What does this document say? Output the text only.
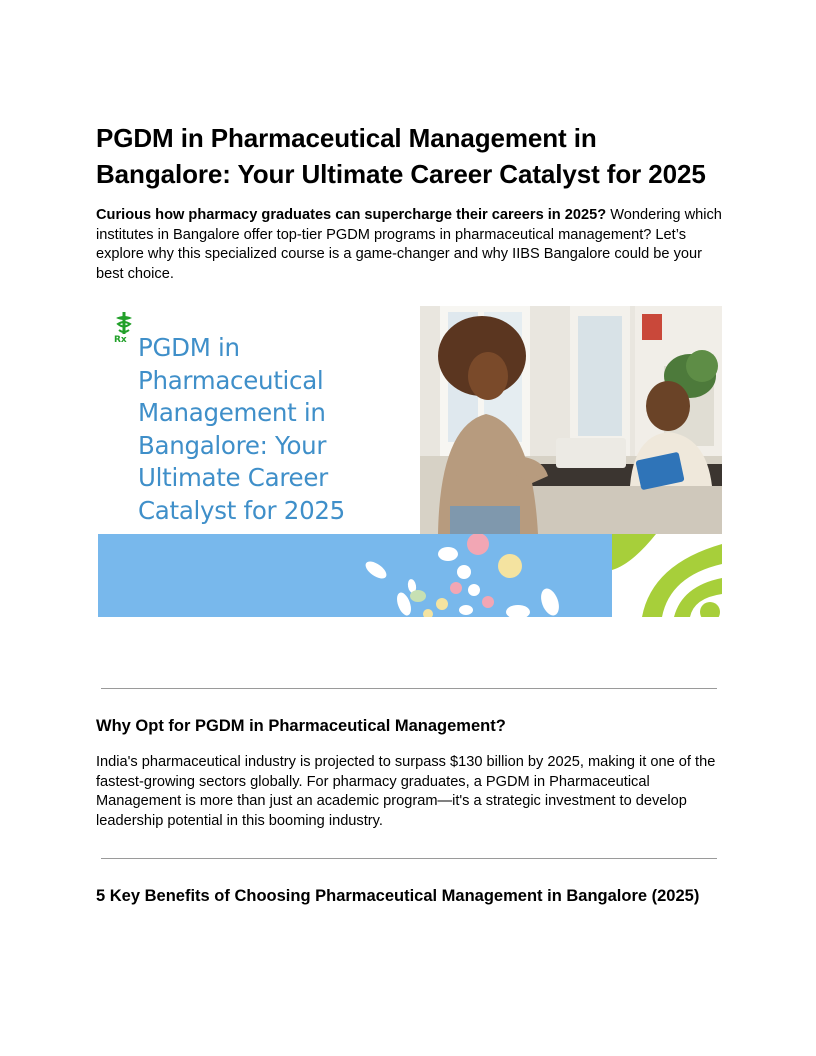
PGDM in Pharmaceutical Management in Bangalore: Your Ultimate Career Catalyst for 2025

Curious how pharmacy graduates can supercharge their careers in 2025? Wondering which institutes in Bangalore offer top-tier PGDM programs in pharmaceutical management? Let’s explore why this specialized course is a game-changer and why IIBS Bangalore could be your best choice.

Rx PGDM in Pharmaceutical Management in Bangalore: Your Ultimate Career Catalyst for 2025
Why Opt for PGDM in Pharmaceutical Management?

India's pharmaceutical industry is projected to surpass $130 billion by 2025, making it one of the fastest-growing sectors globally. For pharmacy graduates, a PGDM in Pharmaceutical Management is more than just an academic program—it's a strategic investment to develop leadership potential in this booming industry.

5 Key Benefits of Choosing Pharmaceutical Management in Bangalore (2025)
